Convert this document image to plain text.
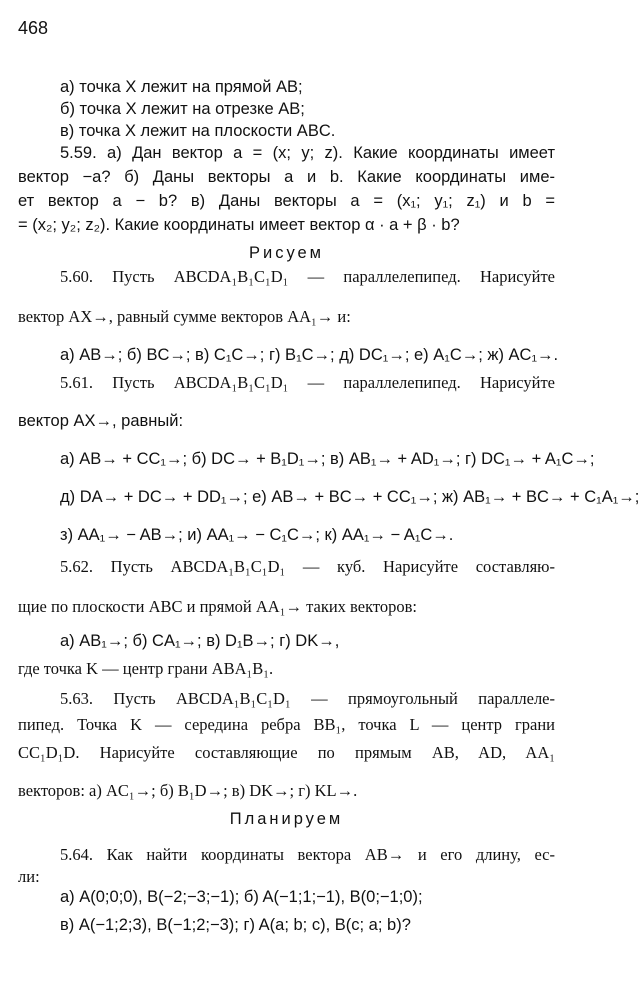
468
а) точка X лежит на прямой AB;
б) точка X лежит на отрезке AB;
в) точка X лежит на плоскости ABC.
5.59. а) Дан вектор a = (x; y; z). Какие координаты имеет
вектор −a? б) Даны векторы a и b. Какие координаты име-
ет вектор a − b? в) Даны векторы a = (x₁; y₁; z₁) и b =
= (x₂; y₂; z₂). Какие координаты имеет вектор α · a + β · b?
Рисуем
5.60. Пусть ABCDA₁B₁C₁D₁ — параллелепипед. Нарисуйте
вектор AX→, равный сумме векторов AA₁→ и:
а) AB→; б) BC→; в) C₁C→; г) B₁C→; д) DC₁→; е) A₁C→; ж) AC₁→.
5.61. Пусть ABCDA₁B₁C₁D₁ — параллелепипед. Нарисуйте
вектор AX→, равный:
а) AB→ + CC₁→; б) DC→ + B₁D₁→; в) AB₁→ + AD₁→; г) DC₁→ + A₁C→;
д) DA→ + DC→ + DD₁→; е) AB→ + BC→ + CC₁→; ж) AB₁→ + BC→ + C₁A₁→;
з) AA₁→ − AB→; и) AA₁→ − C₁C→; к) AA₁→ − A₁C→.
5.62. Пусть ABCDA₁B₁C₁D₁ — куб. Нарисуйте составляю-
щие по плоскости ABC и прямой AA₁→ таких векторов:
а) AB₁→; б) CA₁→; в) D₁B→; г) DK→,
где точка K — центр грани ABA₁B₁.
5.63. Пусть ABCDA₁B₁C₁D₁ — прямоугольный параллеле-
пипед. Точка K — середина ребра BB₁, точка L — центр грани
CC₁D₁D. Нарисуйте составляющие по прямым AB, AD, AA₁
векторов: а) AC₁→; б) B₁D→; в) DK→; г) KL→.
Планируем
5.64. Как найти координаты вектора AB→ и его длину, ес-
ли:
а) A(0;0;0), B(−2;−3;−1); б) A(−1;1;−1), B(0;−1;0);
в) A(−1;2;3), B(−1;2;−3); г) A(a; b; c), B(c; a; b)?
